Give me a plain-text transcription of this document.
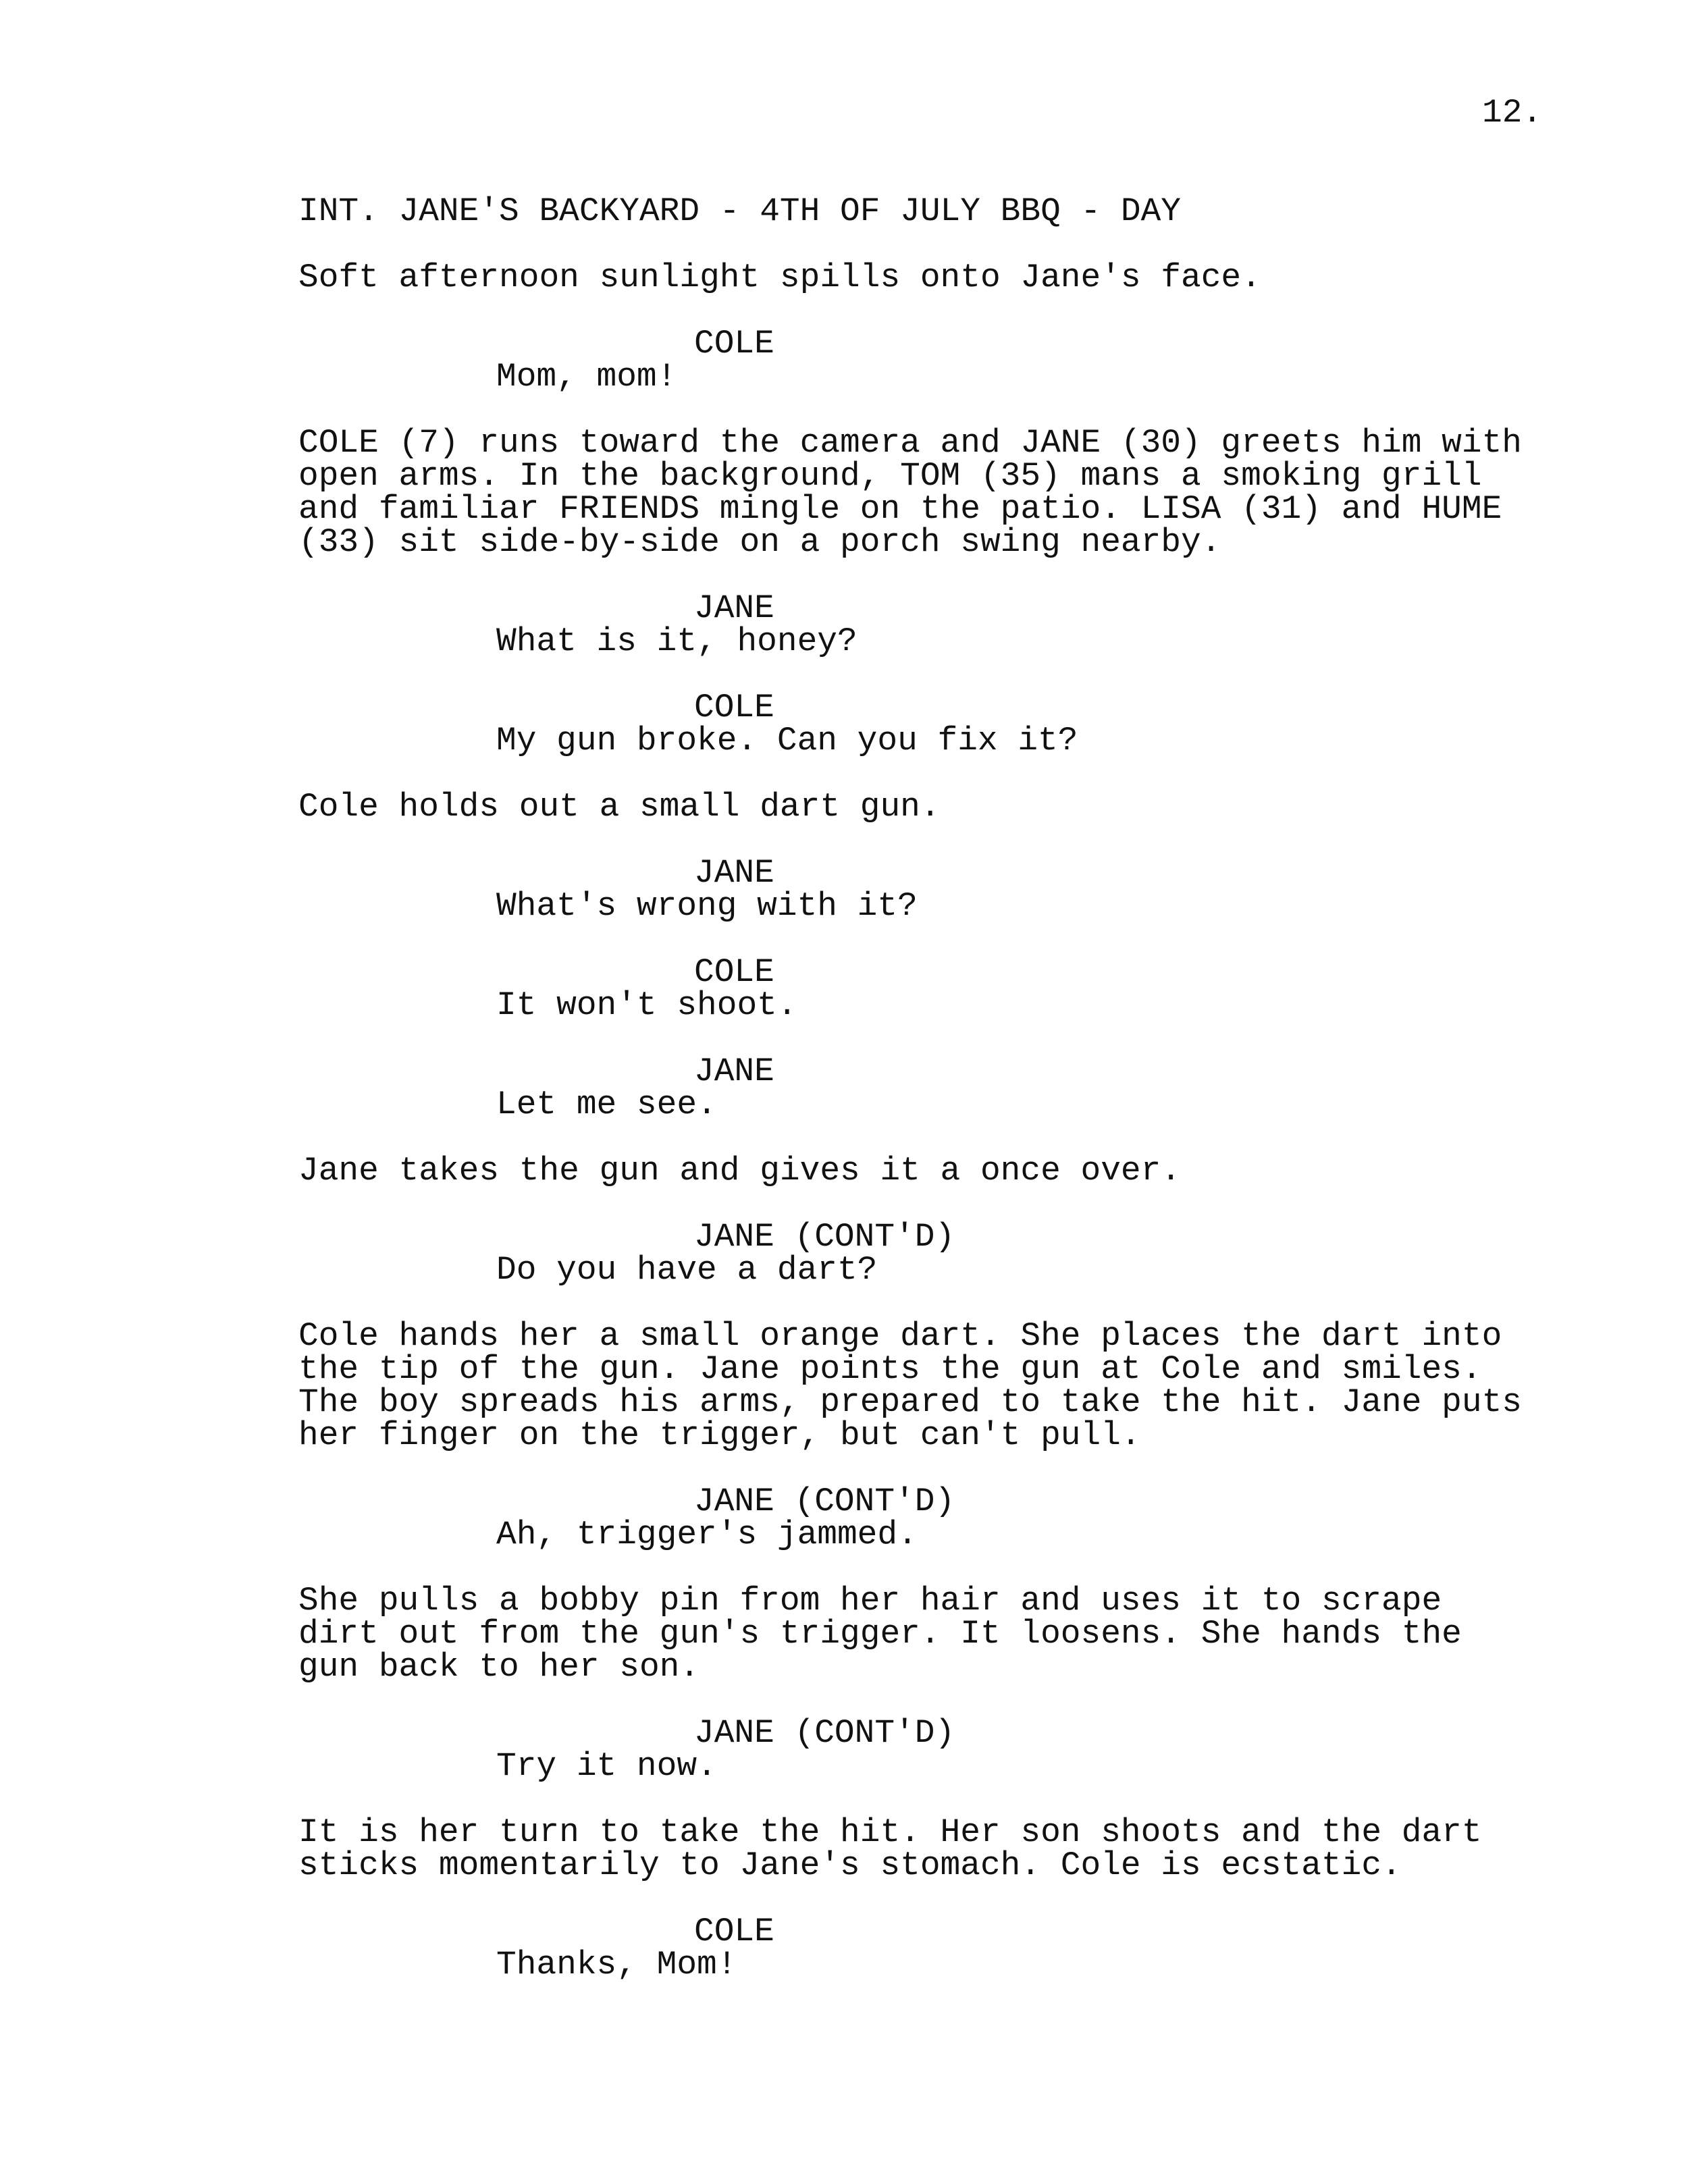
12.
INT. JANE'S BACKYARD - 4TH OF JULY BBQ - DAY
Soft afternoon sunlight spills onto Jane's face.
COLE
Mom, mom!
COLE (7) runs toward the camera and JANE (30) greets him with
open arms. In the background, TOM (35) mans a smoking grill
and familiar FRIENDS mingle on the patio. LISA (31) and HUME
(33) sit side-by-side on a porch swing nearby.
JANE
What is it, honey?
COLE
My gun broke. Can you fix it?
Cole holds out a small dart gun.
JANE
What's wrong with it?
COLE
It won't shoot.
JANE
Let me see.
Jane takes the gun and gives it a once over.
JANE (CONT'D)
Do you have a dart?
Cole hands her a small orange dart. She places the dart into
the tip of the gun. Jane points the gun at Cole and smiles.
The boy spreads his arms, prepared to take the hit. Jane puts
her finger on the trigger, but can't pull.
JANE (CONT'D)
Ah, trigger's jammed.
She pulls a bobby pin from her hair and uses it to scrape
dirt out from the gun's trigger. It loosens. She hands the
gun back to her son.
JANE (CONT'D)
Try it now.
It is her turn to take the hit. Her son shoots and the dart
sticks momentarily to Jane's stomach. Cole is ecstatic.
COLE
Thanks, Mom!
